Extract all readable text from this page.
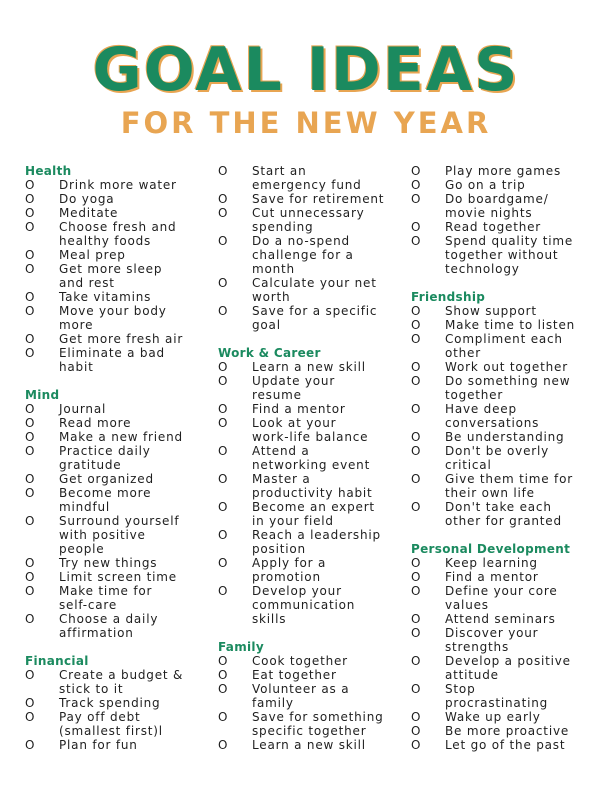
GOAL IDEAS
FOR THE NEW YEAR
Health
O Drink more water
O Do yoga
O Meditate
O Choose fresh and
healthy foods
O Meal prep
O Get more sleep
and rest
O Take vitamins
O Move your body
more
O Get more fresh air
O Eliminate a bad
habit
Mind
O Journal
O Read more
O Make a new friend
O Practice daily
gratitude
O Get organized
O Become more
mindful
O Surround yourself
with positive
people
O Try new things
O Limit screen time
O Make time for
self-care
O Choose a daily
affirmation
Financial
O Create a budget &
stick to it
O Track spending
O Pay off debt
(smallest first)l
O Plan for fun
O Start an
emergency fund
O Save for retirement
O Cut unnecessary
spending
O Do a no-spend
challenge for a
month
O Calculate your net
worth
O Save for a specific
goal
Work & Career
O Learn a new skill
O Update your
resume
O Find a mentor
O Look at your
work-life balance
O Attend a
networking event
O Master a
productivity habit
O Become an expert
in your field
O Reach a leadership
position
O Apply for a
promotion
O Develop your
communication
skills
Family
O Cook together
O Eat together
O Volunteer as a
family
O Save for something
specific together
O Learn a new skill
O Play more games
O Go on a trip
O Do boardgame/
movie nights
O Read together
O Spend quality time
together without
technology
Friendship
O Show support
O Make time to listen
O Compliment each
other
O Work out together
O Do something new
together
O Have deep
conversations
O Be understanding
O Don't be overly
critical
O Give them time for
their own life
O Don't take each
other for granted
Personal Development
O Keep learning
O Find a mentor
O Define your core
values
O Attend seminars
O Discover your
strengths
O Develop a positive
attitude
O Stop
procrastinating
O Wake up early
O Be more proactive
O Let go of the past
